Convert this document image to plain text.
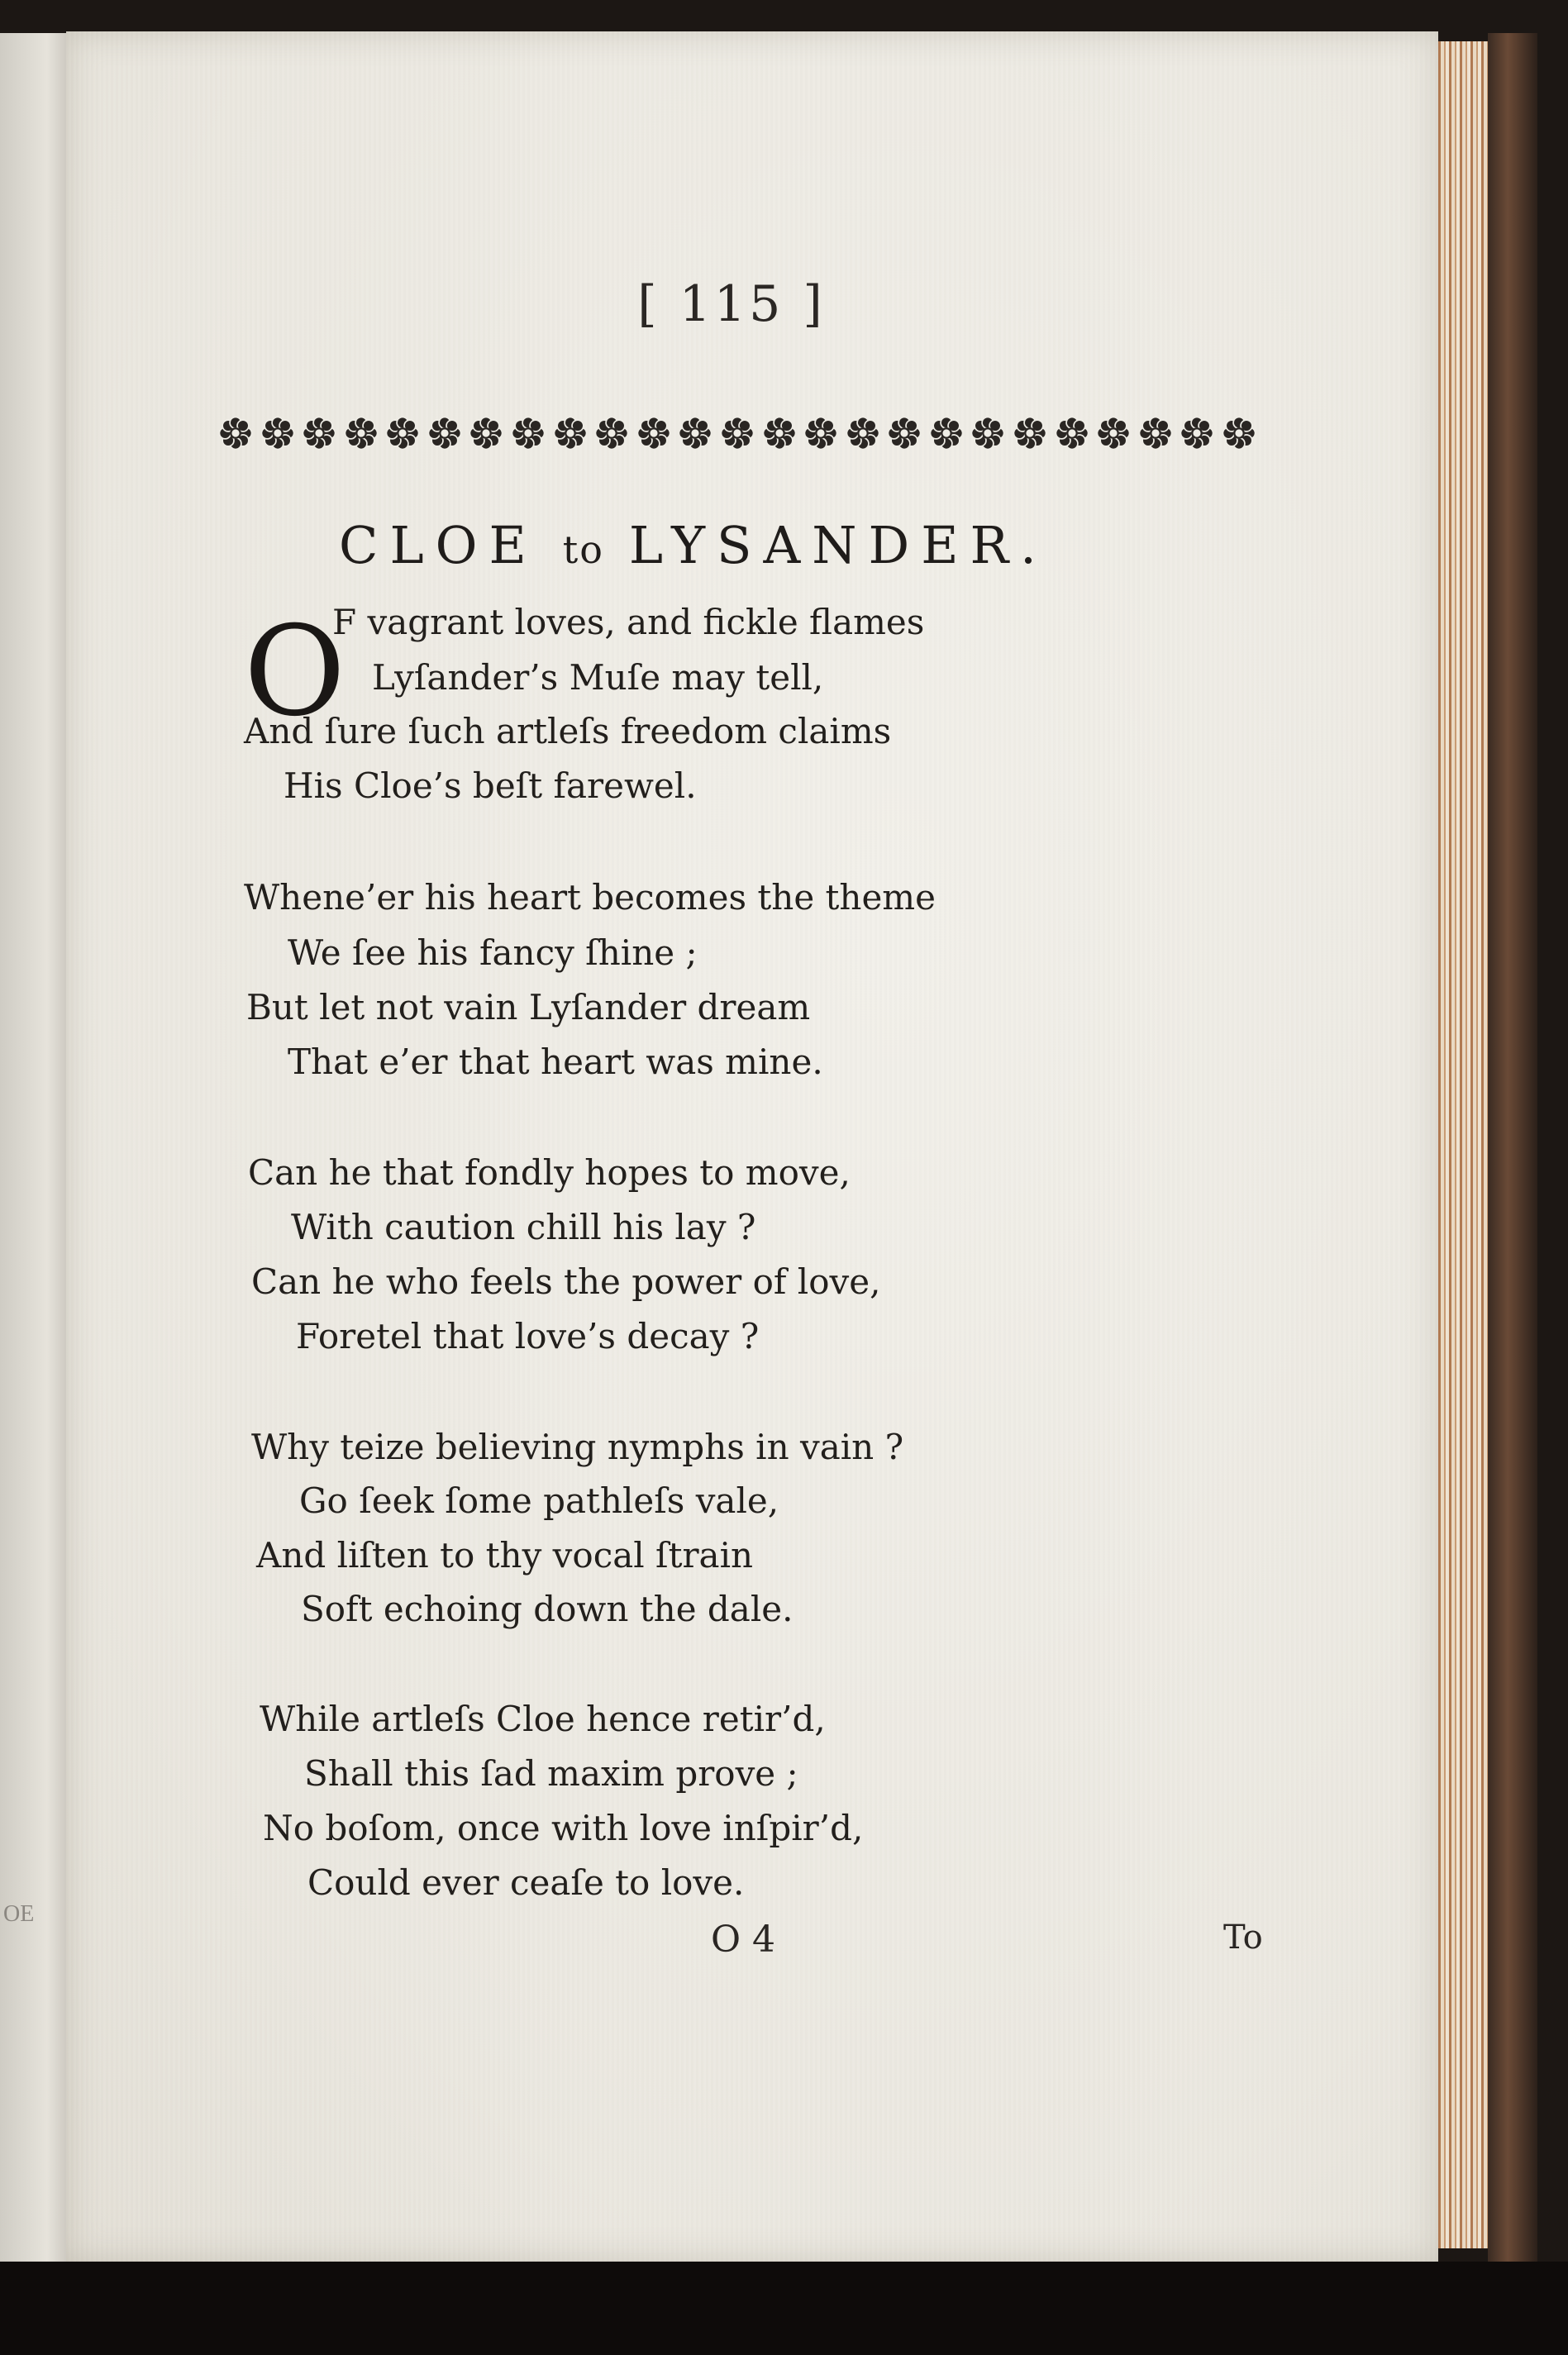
OE
[ 115 ]
CLOE to LYSANDER.
O
F vagrant loves, and fickle flames
Lyſander’s Muſe may tell,
And ſure ſuch artleſs freedom claims
His Cloe’s beſt farewel.
Whene’er his heart becomes the theme
We ſee his fancy ſhine ;
But let not vain Lyſander dream
That e’er that heart was mine.
Can he that fondly hopes to move,
With caution chill his lay ?
Can he who feels the power of love,
Foretel that love’s decay ?
Why teize believing nymphs in vain ?
Go ſeek ſome pathleſs vale,
And liſten to thy vocal ſtrain
Soft echoing down the dale.
While artleſs Cloe hence retir’d,
Shall this ſad maxim prove ;
No boſom, once with love inſpir’d,
Could ever ceaſe to love.
O 4	To
